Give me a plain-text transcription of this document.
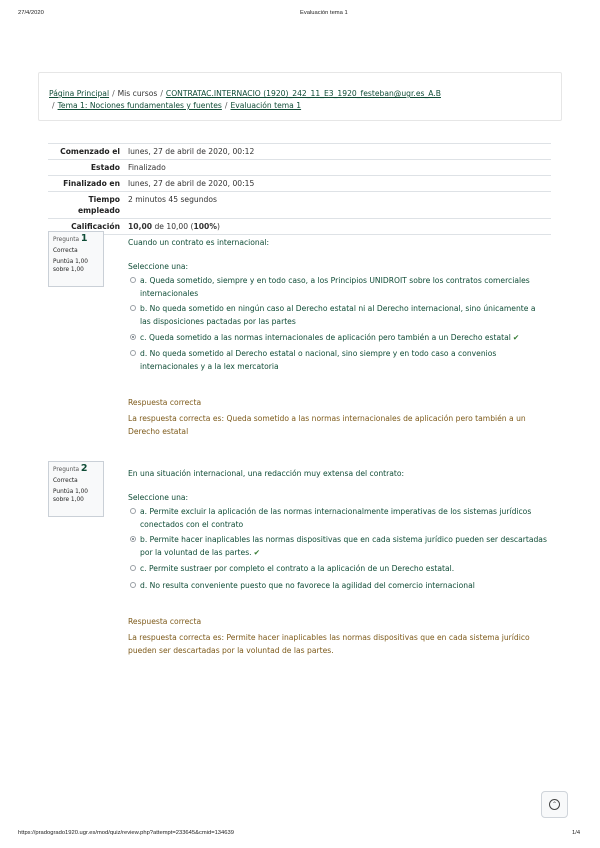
27/4/2020	Evaluación tema 1
Página Principal / Mis cursos / CONTRATAC.INTERNACIO (1920)_242_11_E3_1920_festeban@ugr.es_A.B
/ Tema 1: Nociones fundamentales y fuentes / Evaluación tema 1
Comenzado el	lunes, 27 de abril de 2020, 00:12
Estado	Finalizado
Finalizado en	lunes, 27 de abril de 2020, 00:15
Tiempo
empleado	2 minutos 45 segundos
Calificación	10,00 de 10,00 (100%)
Pregunta 1
Correcta
Puntúa 1,00
sobre 1,00
Cuando un contrato es internacional:
Seleccione una:
a. Queda sometido, siempre y en todo caso, a los Principios UNIDROIT sobre los contratos comerciales internacionales
b. No queda sometido en ningún caso al Derecho estatal ni al Derecho internacional, sino únicamente a las disposiciones pactadas por las partes
c. Queda sometido a las normas internacionales de aplicación pero también a un Derecho estatal ✔
d. No queda sometido al Derecho estatal o nacional, sino siempre y en todo caso a convenios internacionales y a la lex mercatoria
Respuesta correcta
La respuesta correcta es: Queda sometido a las normas internacionales de aplicación pero también a un Derecho estatal
Pregunta 2
Correcta
Puntúa 1,00
sobre 1,00
En una situación internacional, una redacción muy extensa del contrato:
Seleccione una:
a. Permite excluir la aplicación de las normas internacionalmente imperativas de los sistemas jurídicos conectados con el contrato
b. Permite hacer inaplicables las normas dispositivas que en cada sistema jurídico pueden ser descartadas por la voluntad de las partes. ✔
c. Permite sustraer por completo el contrato a la aplicación de un Derecho estatal.
d. No resulta conveniente puesto que no favorece la agilidad del comercio internacional
Respuesta correcta
La respuesta correcta es: Permite hacer inaplicables las normas dispositivas que en cada sistema jurídico pueden ser descartadas por la voluntad de las partes.
⌃
https://pradogrado1920.ugr.es/mod/quiz/review.php?attempt=233645&cmid=134639	1/4
